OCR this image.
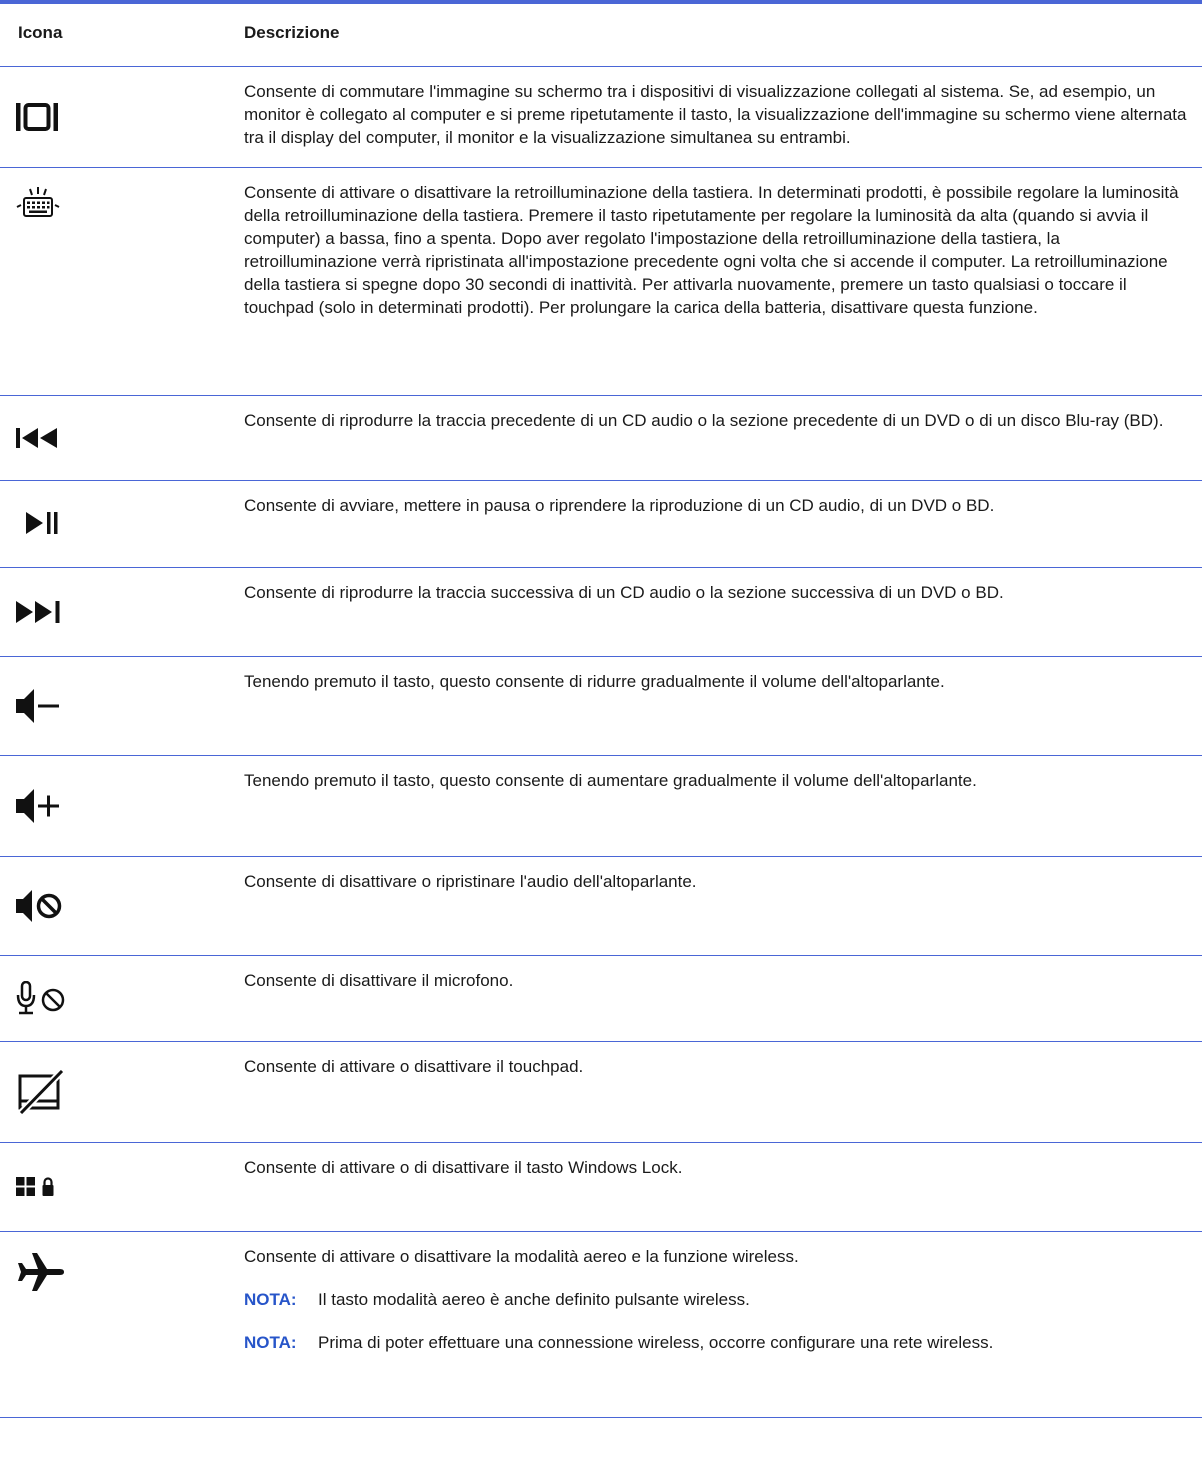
Icona	Descrizione

Consente di commutare l'immagine su schermo tra i dispositivi di visualizzazione collegati al sistema. Se, ad esempio, un monitor è collegato al computer e si preme ripetutamente il tasto, la visualizzazione dell'immagine su schermo viene alternata tra il display del computer, il monitor e la visualizzazione simultanea su entrambi.

Consente di attivare o disattivare la retroilluminazione della tastiera. In determinati prodotti, è possibile regolare la luminosità della retroilluminazione della tastiera. Premere il tasto ripetutamente per regolare la luminosità da alta (quando si avvia il computer) a bassa, fino a spenta. Dopo aver regolato l'impostazione della retroilluminazione della tastiera, la retroilluminazione verrà ripristinata all'impostazione precedente ogni volta che si accende il computer. La retroilluminazione della tastiera si spegne dopo 30 secondi di inattività. Per attivarla nuovamente, premere un tasto qualsiasi o toccare il touchpad (solo in determinati prodotti). Per prolungare la carica della batteria, disattivare questa funzione.

Consente di riprodurre la traccia precedente di un CD audio o la sezione precedente di un DVD o di un disco Blu-ray (BD).

Consente di avviare, mettere in pausa o riprendere la riproduzione di un CD audio, di un DVD o BD.

Consente di riprodurre la traccia successiva di un CD audio o la sezione successiva di un DVD o BD.

Tenendo premuto il tasto, questo consente di ridurre gradualmente il volume dell'altoparlante.

Tenendo premuto il tasto, questo consente di aumentare gradualmente il volume dell'altoparlante.

Consente di disattivare o ripristinare l'audio dell'altoparlante.

Consente di disattivare il microfono.

Consente di attivare o disattivare il touchpad.

Consente di attivare o di disattivare il tasto Windows Lock.

Consente di attivare o disattivare la modalità aereo e la funzione wireless.
NOTA: Il tasto modalità aereo è anche definito pulsante wireless.
NOTA: Prima di poter effettuare una connessione wireless, occorre configurare una rete wireless.
